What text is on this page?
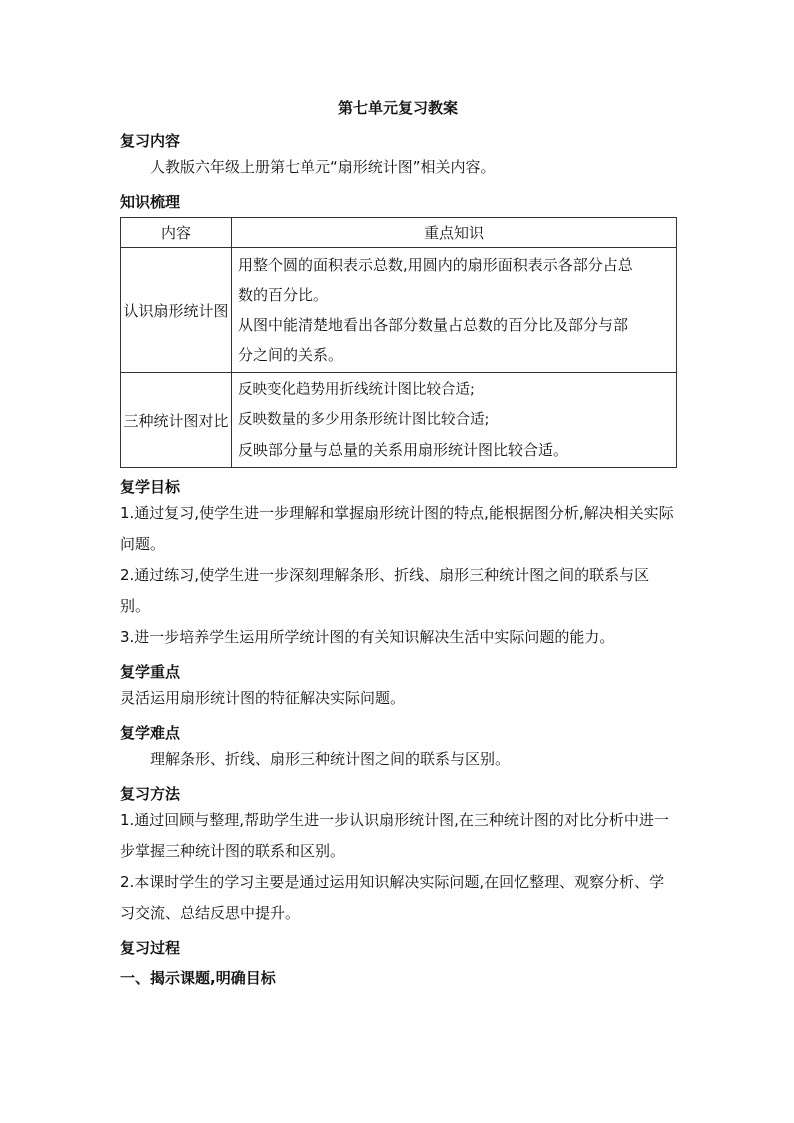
第七单元复习教案
复习内容
人教版六年级上册第七单元“扇形统计图”相关内容。
知识梳理
内容	重点知识
认识扇形统计图	用整个圆的面积表示总数,用圆内的扇形面积表示各部分占总
数的百分比。
从图中能清楚地看出各部分数量占总数的百分比及部分与部
分之间的关系。

三种统计图对比	反映变化趋势用折线统计图比较合适;
反映数量的多少用条形统计图比较合适;
反映部分量与总量的关系用扇形统计图比较合适。
复学目标
1.通过复习,使学生进一步理解和掌握扇形统计图的特点,能根据图分析,解决相关实际问题。
2.通过练习,使学生进一步深刻理解条形、折线、扇形三种统计图之间的联系与区别。
3.进一步培养学生运用所学统计图的有关知识解决生活中实际问题的能力。
复学重点
灵活运用扇形统计图的特征解决实际问题。
复学难点
理解条形、折线、扇形三种统计图之间的联系与区别。
复习方法
1.通过回顾与整理,帮助学生进一步认识扇形统计图,在三种统计图的对比分析中进一步掌握三种统计图的联系和区别。
2.本课时学生的学习主要是通过运用知识解决实际问题,在回忆整理、观察分析、学习交流、总结反思中提升。
复习过程
一、揭示课题,明确目标
